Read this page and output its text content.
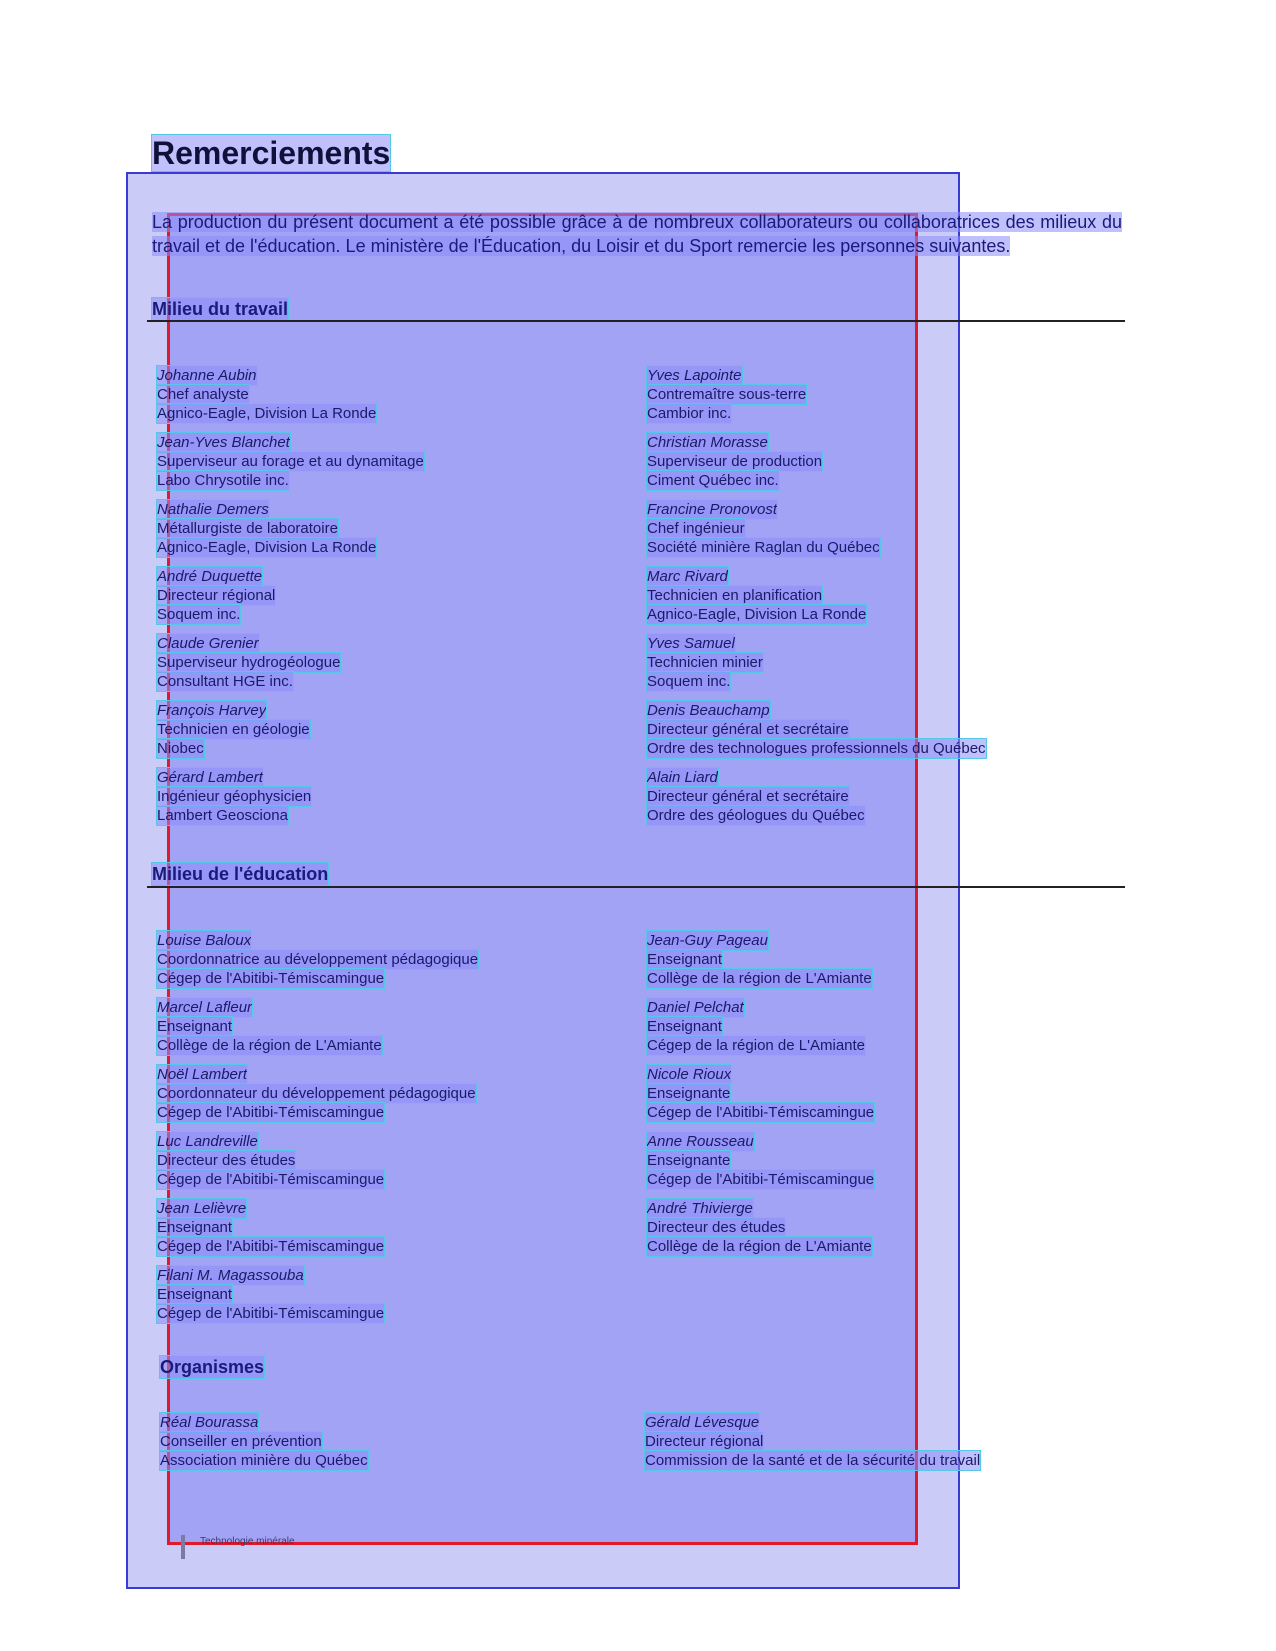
Remerciements
La production du présent document a été possible grâce à de nombreux collaborateurs ou collaboratrices des milieux du travail et de l'éducation. Le ministère de l'Éducation, du Loisir et du Sport remercie les personnes suivantes.
Milieu du travail
Johanne Aubin
Chef analyste
Agnico-Eagle, Division La Ronde
Jean-Yves Blanchet
Superviseur au forage et au dynamitage
Labo Chrysotile inc.
Nathalie Demers
Métallurgiste de laboratoire
Agnico-Eagle, Division La Ronde
André Duquette
Directeur régional
Soquem inc.
Claude Grenier
Superviseur hydrogéologue
Consultant HGE inc.
François Harvey
Technicien en géologie
Niobec
Gérard Lambert
Ingénieur géophysicien
Lambert Geosciona
Yves Lapointe
Contremaître sous-terre
Cambior inc.
Christian Morasse
Superviseur de production
Ciment Québec inc.
Francine Pronovost
Chef ingénieur
Société minière Raglan du Québec
Marc Rivard
Technicien en planification
Agnico-Eagle, Division La Ronde
Yves Samuel
Technicien minier
Soquem inc.
Denis Beauchamp
Directeur général et secrétaire
Ordre des technologues professionnels du Québec
Alain Liard
Directeur général et secrétaire
Ordre des géologues du Québec
Milieu de l'éducation
Louise Baloux
Coordonnatrice au développement pédagogique
Cégep de l'Abitibi-Témiscamingue
Marcel Lafleur
Enseignant
Collège de la région de L'Amiante
Noël Lambert
Coordonnateur du développement pédagogique
Cégep de l'Abitibi-Témiscamingue
Luc Landreville
Directeur des études
Cégep de l'Abitibi-Témiscamingue
Jean Lelièvre
Enseignant
Cégep de l'Abitibi-Témiscamingue
Filani M. Magassouba
Enseignant
Cégep de l'Abitibi-Témiscamingue
Jean-Guy Pageau
Enseignant
Collège de la région de L'Amiante
Daniel Pelchat
Enseignant
Cégep de la région de L'Amiante
Nicole Rioux
Enseignante
Cégep de l'Abitibi-Témiscamingue
Anne Rousseau
Enseignante
Cégep de l'Abitibi-Témiscamingue
André Thivierge
Directeur des études
Collège de la région de L'Amiante
Organismes
Réal Bourassa
Conseiller en prévention
Association minière du Québec
Gérald Lévesque
Directeur régional
Commission de la santé et de la sécurité du travail
Technologie minérale
